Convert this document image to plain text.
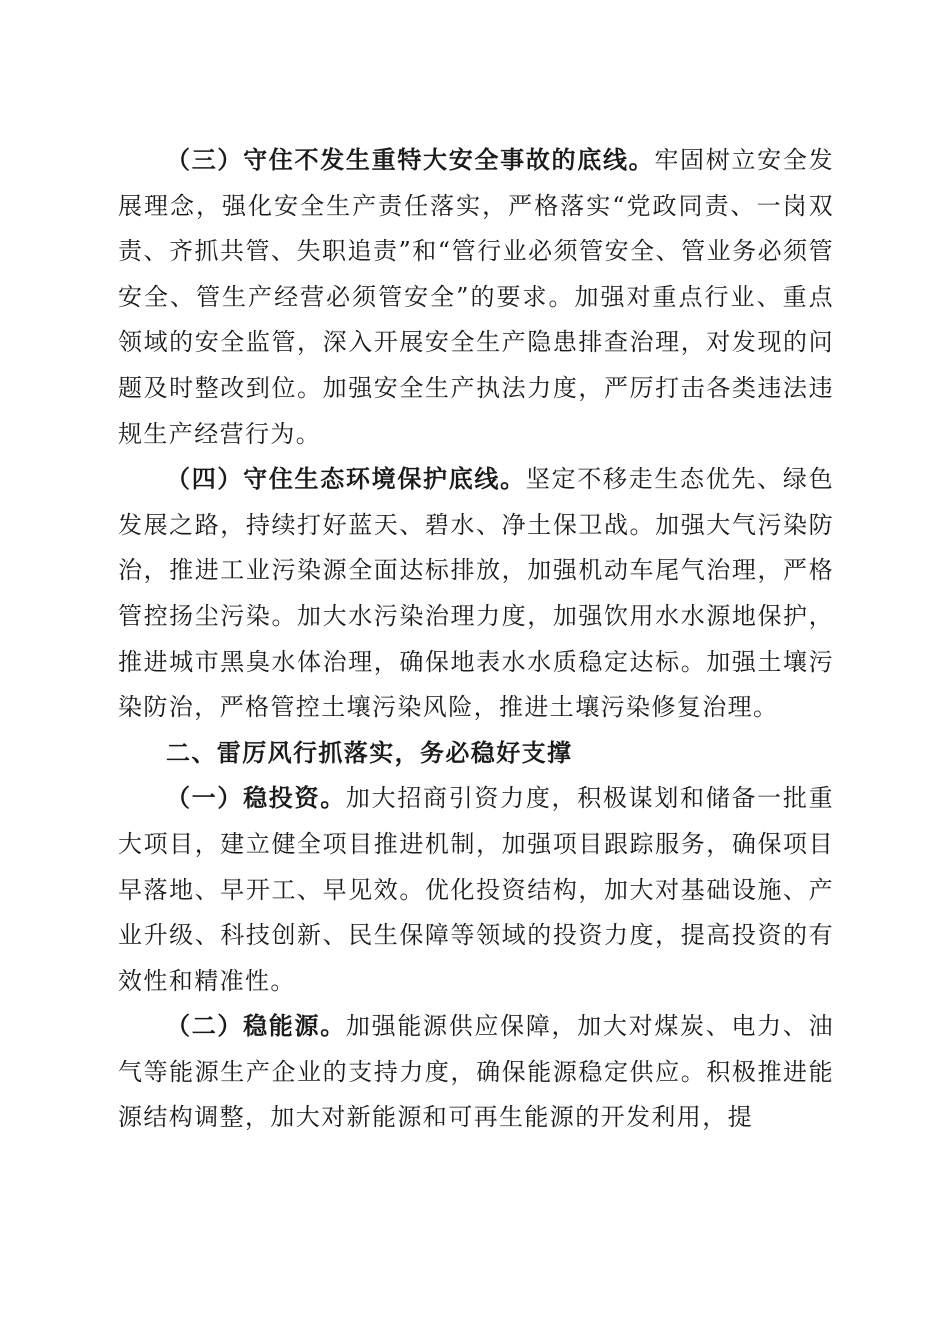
（三）守住不发生重特大安全事故的底线。牢固树立安全发展理念，强化安全生产责任落实，严格落实“党政同责、一岗双责、齐抓共管、失职追责”和“管行业必须管安全、管业务必须管安全、管生产经营必须管安全”的要求。加强对重点行业、重点领域的安全监管，深入开展安全生产隐患排查治理，对发现的问题及时整改到位。加强安全生产执法力度，严厉打击各类违法违规生产经营行为。

（四）守住生态环境保护底线。坚定不移走生态优先、绿色发展之路，持续打好蓝天、碧水、净土保卫战。加强大气污染防治，推进工业污染源全面达标排放，加强机动车尾气治理，严格管控扬尘污染。加大水污染治理力度，加强饮用水水源地保护，推进城市黑臭水体治理，确保地表水水质稳定达标。加强土壤污染防治，严格管控土壤污染风险，推进土壤污染修复治理。

二、雷厉风行抓落实，务必稳好支撑

（一）稳投资。加大招商引资力度，积极谋划和储备一批重大项目，建立健全项目推进机制，加强项目跟踪服务，确保项目早落地、早开工、早见效。优化投资结构，加大对基础设施、产业升级、科技创新、民生保障等领域的投资力度，提高投资的有效性和精准性。

（二）稳能源。加强能源供应保障，加大对煤炭、电力、油气等能源生产企业的支持力度，确保能源稳定供应。积极推进能源结构调整，加大对新能源和可再生能源的开发利用，提
